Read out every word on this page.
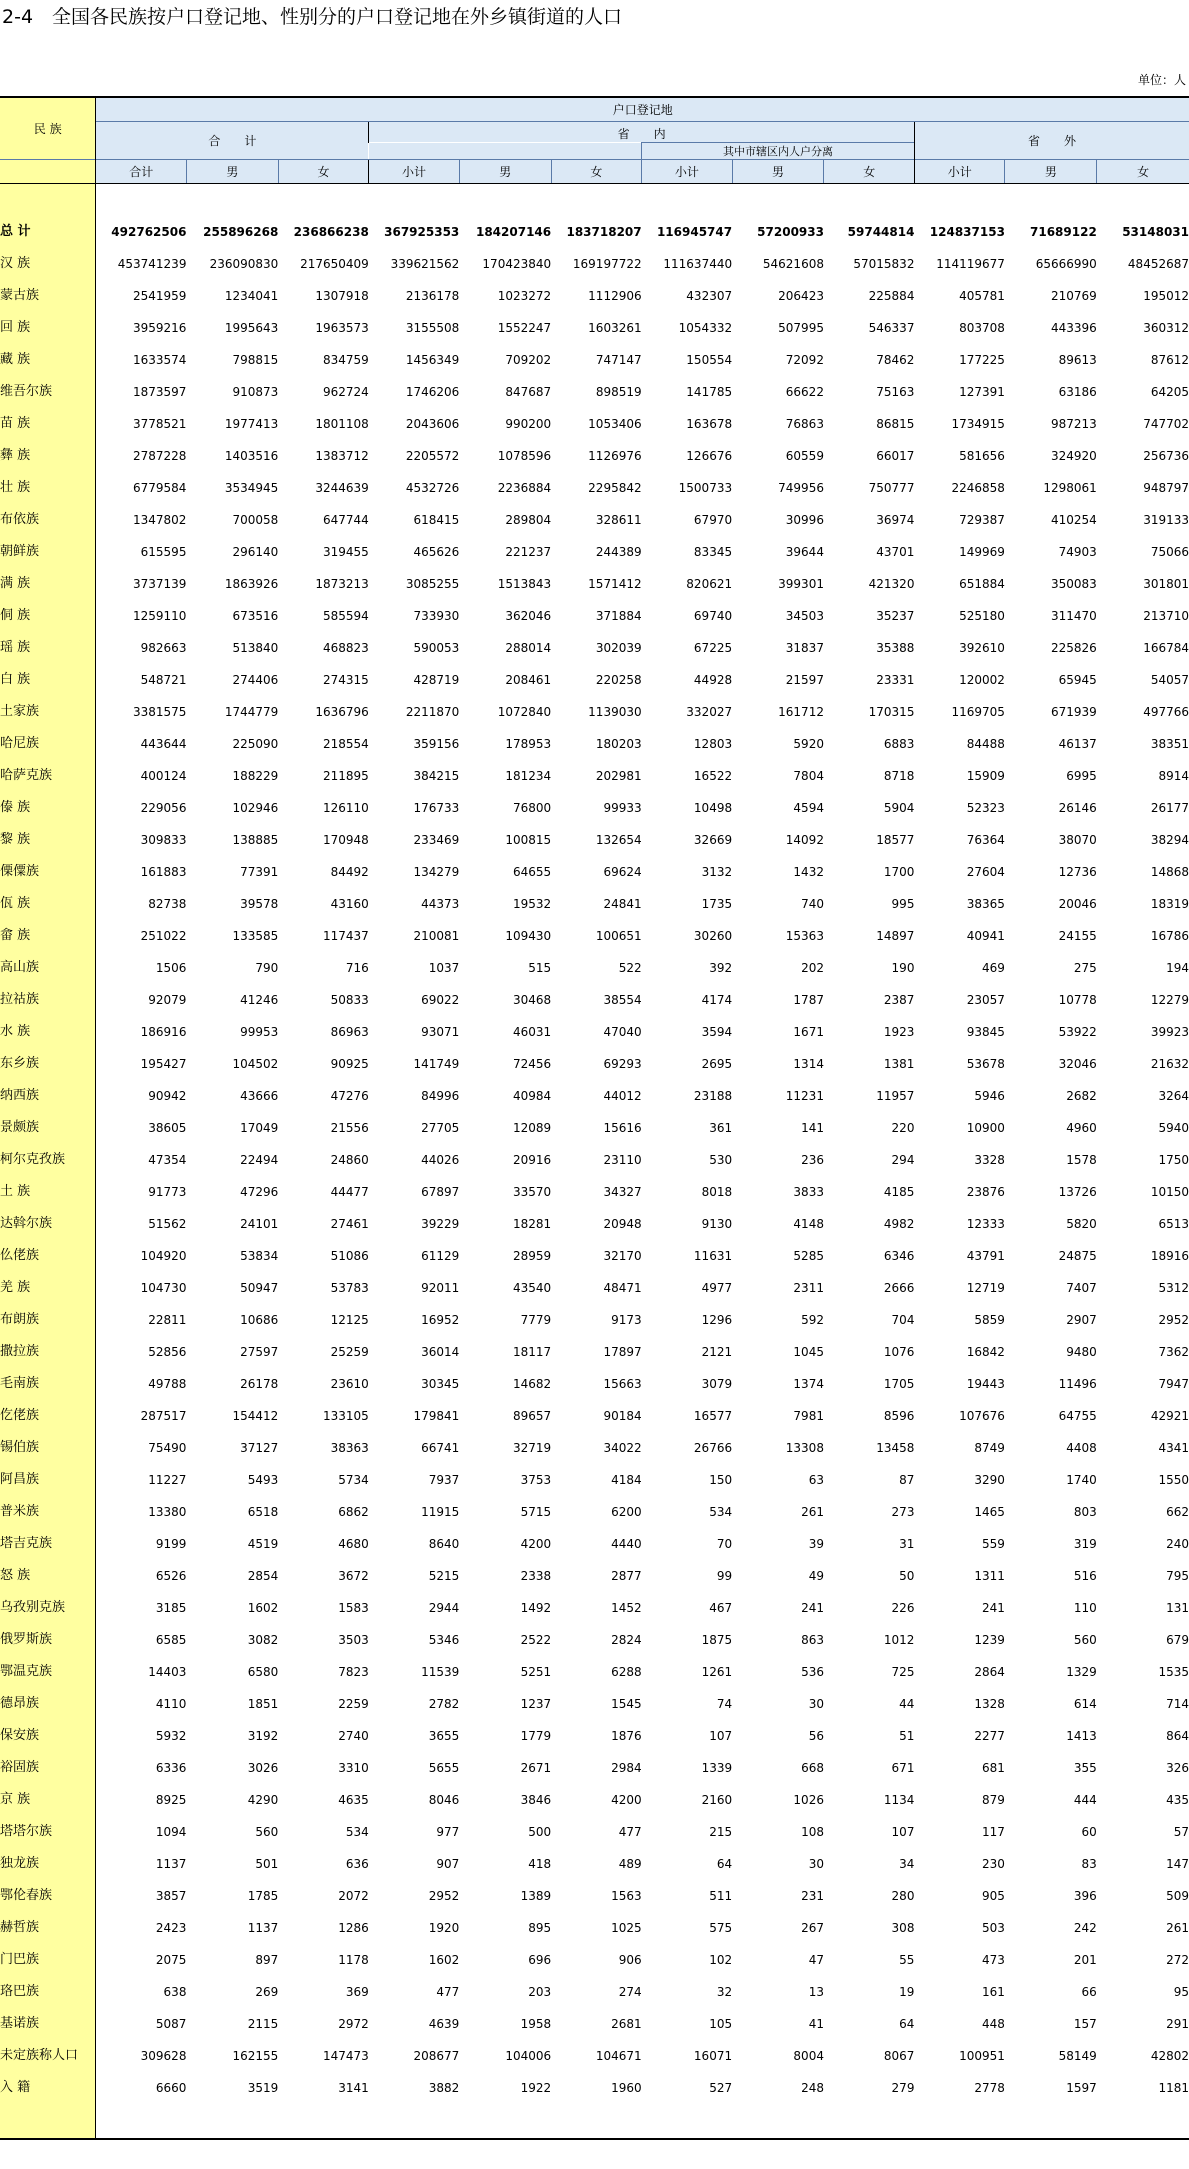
2-4　全国各民族按户口登记地、性别分的户口登记地在外乡镇街道的人口
单位：人
民 族	户口登记地											
	合　　计			省　　内						省　　外		
							其中市辖区内人户分离					
	合计	男	女	小计	男	女	小计	男	女	小计	男	女

总 计	492762506	255896268	236866238	367925353	184207146	183718207	116945747	57200933	59744814	124837153	71689122	53148031
汉 族	453741239	236090830	217650409	339621562	170423840	169197722	111637440	54621608	57015832	114119677	65666990	48452687
蒙古族	2541959	1234041	1307918	2136178	1023272	1112906	432307	206423	225884	405781	210769	195012
回 族	3959216	1995643	1963573	3155508	1552247	1603261	1054332	507995	546337	803708	443396	360312
藏 族	1633574	798815	834759	1456349	709202	747147	150554	72092	78462	177225	89613	87612
维吾尔族	1873597	910873	962724	1746206	847687	898519	141785	66622	75163	127391	63186	64205
苗 族	3778521	1977413	1801108	2043606	990200	1053406	163678	76863	86815	1734915	987213	747702
彝 族	2787228	1403516	1383712	2205572	1078596	1126976	126676	60559	66017	581656	324920	256736
壮 族	6779584	3534945	3244639	4532726	2236884	2295842	1500733	749956	750777	2246858	1298061	948797
布依族	1347802	700058	647744	618415	289804	328611	67970	30996	36974	729387	410254	319133
朝鲜族	615595	296140	319455	465626	221237	244389	83345	39644	43701	149969	74903	75066
满 族	3737139	1863926	1873213	3085255	1513843	1571412	820621	399301	421320	651884	350083	301801
侗 族	1259110	673516	585594	733930	362046	371884	69740	34503	35237	525180	311470	213710
瑶 族	982663	513840	468823	590053	288014	302039	67225	31837	35388	392610	225826	166784
白 族	548721	274406	274315	428719	208461	220258	44928	21597	23331	120002	65945	54057
土家族	3381575	1744779	1636796	2211870	1072840	1139030	332027	161712	170315	1169705	671939	497766
哈尼族	443644	225090	218554	359156	178953	180203	12803	5920	6883	84488	46137	38351
哈萨克族	400124	188229	211895	384215	181234	202981	16522	7804	8718	15909	6995	8914
傣 族	229056	102946	126110	176733	76800	99933	10498	4594	5904	52323	26146	26177
黎 族	309833	138885	170948	233469	100815	132654	32669	14092	18577	76364	38070	38294
傈僳族	161883	77391	84492	134279	64655	69624	3132	1432	1700	27604	12736	14868
佤 族	82738	39578	43160	44373	19532	24841	1735	740	995	38365	20046	18319
畲 族	251022	133585	117437	210081	109430	100651	30260	15363	14897	40941	24155	16786
高山族	1506	790	716	1037	515	522	392	202	190	469	275	194
拉祜族	92079	41246	50833	69022	30468	38554	4174	1787	2387	23057	10778	12279
水 族	186916	99953	86963	93071	46031	47040	3594	1671	1923	93845	53922	39923
东乡族	195427	104502	90925	141749	72456	69293	2695	1314	1381	53678	32046	21632
纳西族	90942	43666	47276	84996	40984	44012	23188	11231	11957	5946	2682	3264
景颇族	38605	17049	21556	27705	12089	15616	361	141	220	10900	4960	5940
柯尔克孜族	47354	22494	24860	44026	20916	23110	530	236	294	3328	1578	1750
土 族	91773	47296	44477	67897	33570	34327	8018	3833	4185	23876	13726	10150
达斡尔族	51562	24101	27461	39229	18281	20948	9130	4148	4982	12333	5820	6513
仫佬族	104920	53834	51086	61129	28959	32170	11631	5285	6346	43791	24875	18916
羌 族	104730	50947	53783	92011	43540	48471	4977	2311	2666	12719	7407	5312
布朗族	22811	10686	12125	16952	7779	9173	1296	592	704	5859	2907	2952
撒拉族	52856	27597	25259	36014	18117	17897	2121	1045	1076	16842	9480	7362
毛南族	49788	26178	23610	30345	14682	15663	3079	1374	1705	19443	11496	7947
仡佬族	287517	154412	133105	179841	89657	90184	16577	7981	8596	107676	64755	42921
锡伯族	75490	37127	38363	66741	32719	34022	26766	13308	13458	8749	4408	4341
阿昌族	11227	5493	5734	7937	3753	4184	150	63	87	3290	1740	1550
普米族	13380	6518	6862	11915	5715	6200	534	261	273	1465	803	662
塔吉克族	9199	4519	4680	8640	4200	4440	70	39	31	559	319	240
怒 族	6526	2854	3672	5215	2338	2877	99	49	50	1311	516	795
乌孜别克族	3185	1602	1583	2944	1492	1452	467	241	226	241	110	131
俄罗斯族	6585	3082	3503	5346	2522	2824	1875	863	1012	1239	560	679
鄂温克族	14403	6580	7823	11539	5251	6288	1261	536	725	2864	1329	1535
德昂族	4110	1851	2259	2782	1237	1545	74	30	44	1328	614	714
保安族	5932	3192	2740	3655	1779	1876	107	56	51	2277	1413	864
裕固族	6336	3026	3310	5655	2671	2984	1339	668	671	681	355	326
京 族	8925	4290	4635	8046	3846	4200	2160	1026	1134	879	444	435
塔塔尔族	1094	560	534	977	500	477	215	108	107	117	60	57
独龙族	1137	501	636	907	418	489	64	30	34	230	83	147
鄂伦春族	3857	1785	2072	2952	1389	1563	511	231	280	905	396	509
赫哲族	2423	1137	1286	1920	895	1025	575	267	308	503	242	261
门巴族	2075	897	1178	1602	696	906	102	47	55	473	201	272
珞巴族	638	269	369	477	203	274	32	13	19	161	66	95
基诺族	5087	2115	2972	4639	1958	2681	105	41	64	448	157	291
未定族称人口	309628	162155	147473	208677	104006	104671	16071	8004	8067	100951	58149	42802
入 籍	6660	3519	3141	3882	1922	1960	527	248	279	2778	1597	1181
